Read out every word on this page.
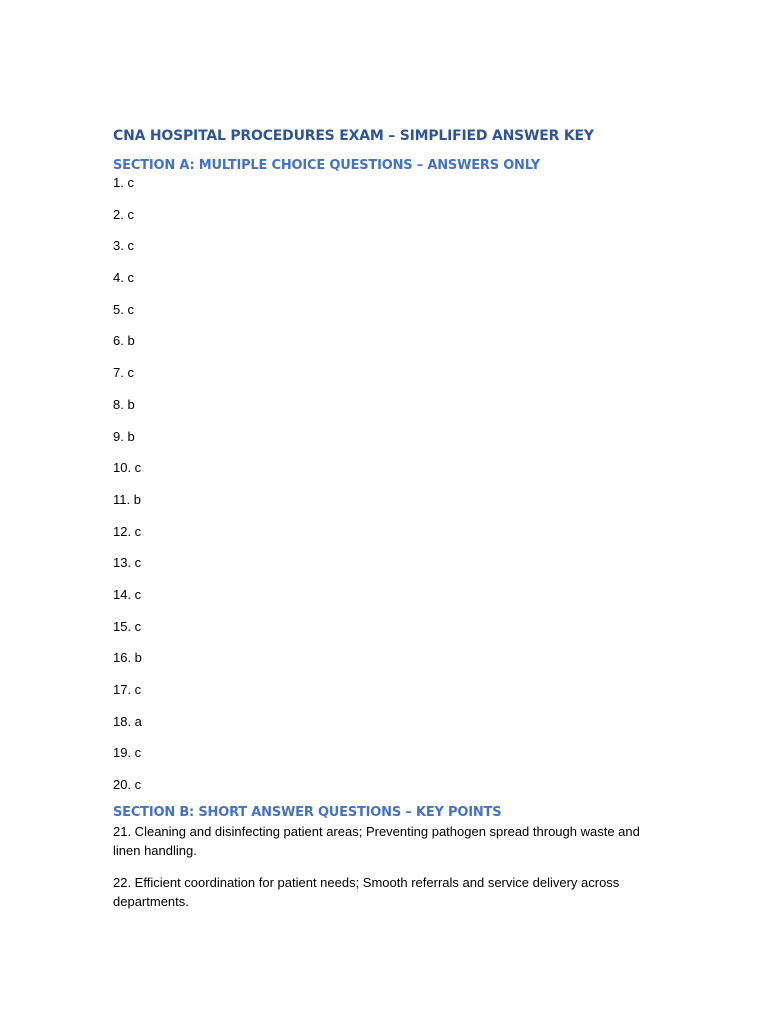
CNA HOSPITAL PROCEDURES EXAM – SIMPLIFIED ANSWER KEY
SECTION A: MULTIPLE CHOICE QUESTIONS – ANSWERS ONLY
1. c
2. c
3. c
4. c
5. c
6. b
7. c
8. b
9. b
10. c
11. b
12. c
13. c
14. c
15. c
16. b
17. c
18. a
19. c
20. c
SECTION B: SHORT ANSWER QUESTIONS – KEY POINTS
21. Cleaning and disinfecting patient areas; Preventing pathogen spread through waste and linen handling.
22. Efficient coordination for patient needs; Smooth referrals and service delivery across departments.
